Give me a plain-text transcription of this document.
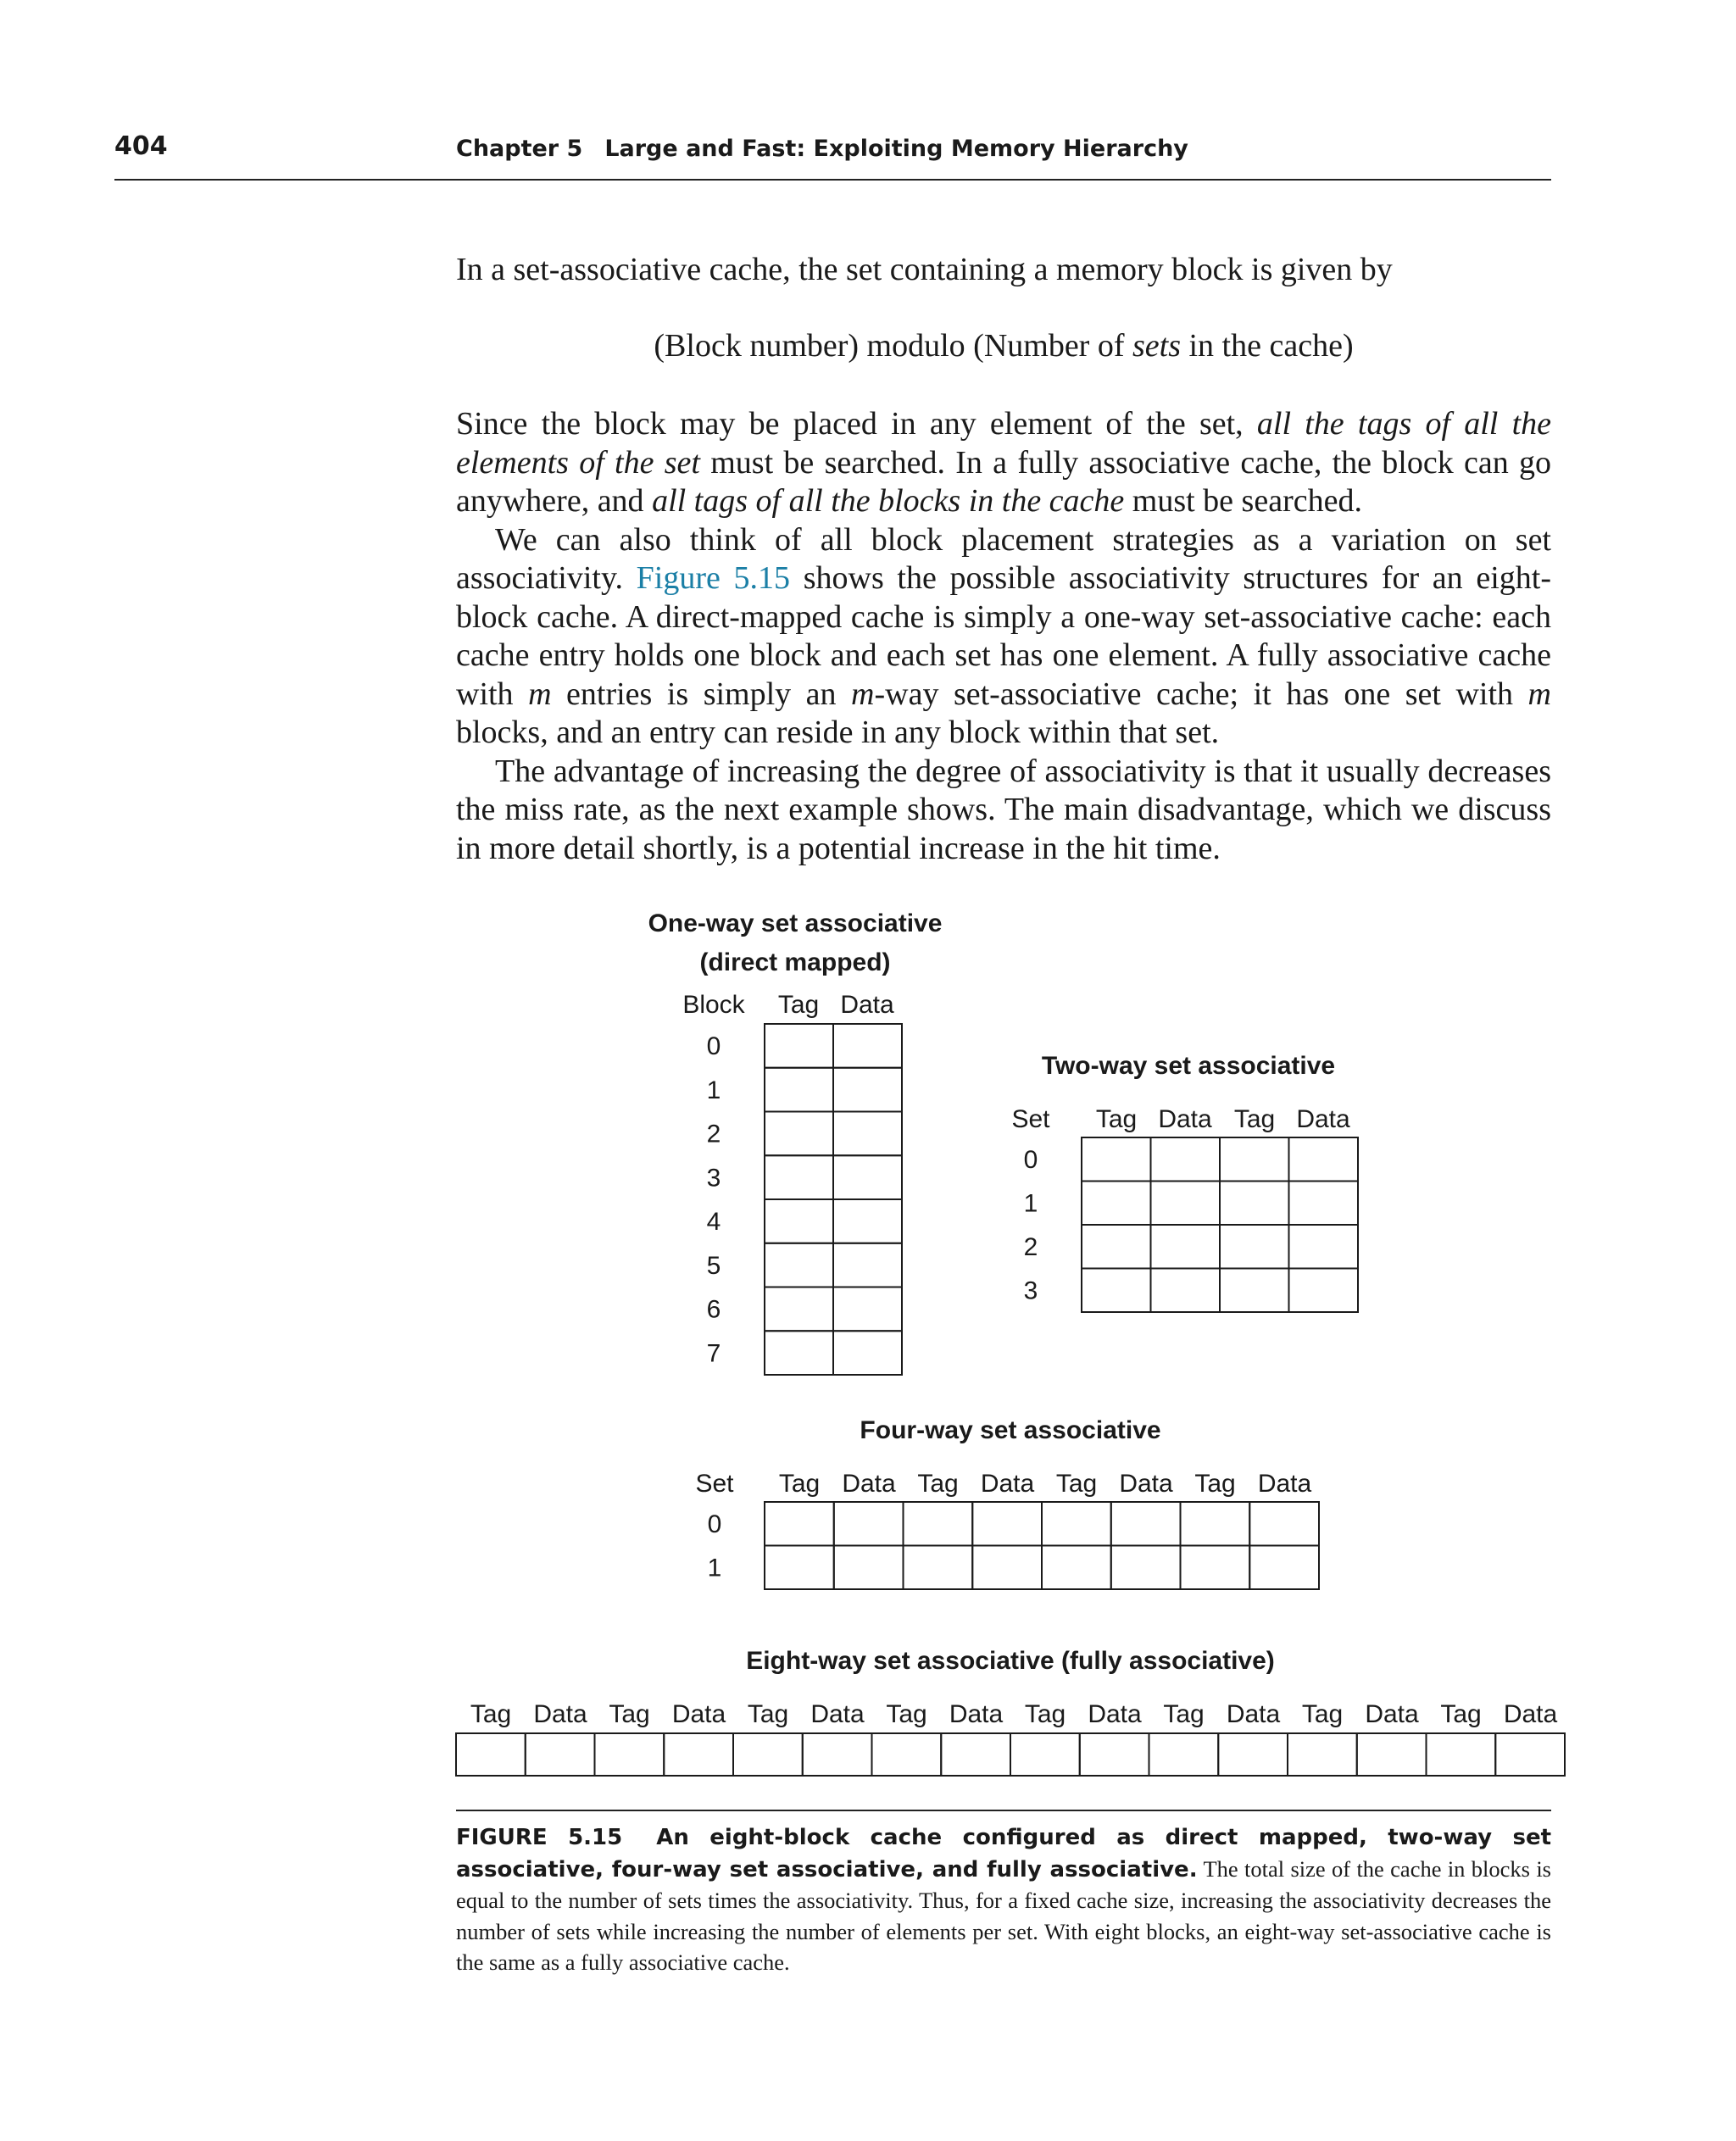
404	Chapter 5 Large and Fast: Exploiting Memory Hierarchy
In a set-associative cache, the set containing a memory block is given by
(Block number) modulo (Number of sets in the cache)
Since the block may be placed in any element of the set, all the tags of all the elements of the set must be searched. In a fully associative cache, the block can go anywhere, and all tags of all the blocks in the cache must be searched.
We can also think of all block placement strategies as a variation on set associativity. Figure 5.15 shows the possible associativity structures for an eight-block cache. A direct-mapped cache is simply a one-way set-associative cache: each cache entry holds one block and each set has one element. A fully associative cache with m entries is simply an m-way set-associative cache; it has one set with m blocks, and an entry can reside in any block within that set.
The advantage of increasing the degree of associativity is that it usually decreases the miss rate, as the next example shows. The main disadvantage, which we discuss in more detail shortly, is a potential increase in the hit time.
One-way set associative
(direct mapped)
Block Tag Data
0
1
2
3
4
5
6
7
Two-way set associative
Set Tag Data Tag Data
0
1
2
3
Four-way set associative
Set Tag Data Tag Data Tag Data Tag Data
0
1
Eight-way set associative (fully associative)
Tag Data Tag Data Tag Data Tag Data Tag Data Tag Data Tag Data Tag Data
FIGURE 5.15 An eight-block cache configured as direct mapped, two-way set associative, four-way set associative, and fully associative. The total size of the cache in blocks is equal to the number of sets times the associativity. Thus, for a fixed cache size, increasing the associativity decreases the number of sets while increasing the number of elements per set. With eight blocks, an eight-way set-associative cache is the same as a fully associative cache.
